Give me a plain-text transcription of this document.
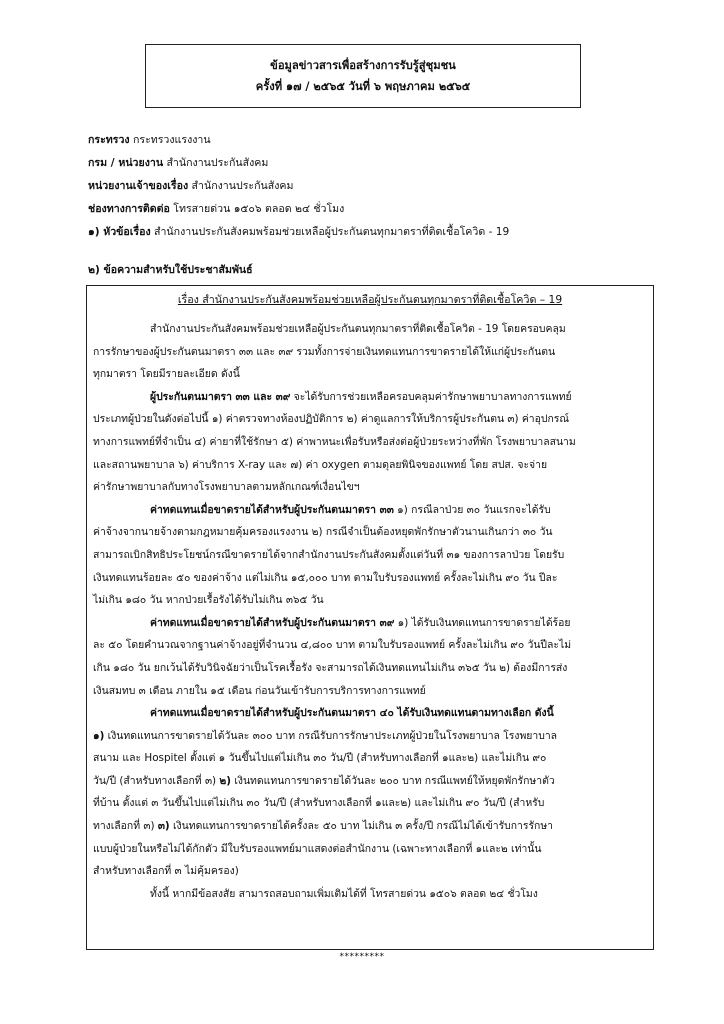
ข้อมูลข่าวสารเพื่อสร้างการรับรู้สู่ชุมชน
ครั้งที่ ๑๗ / ๒๕๖๕ วันที่ ๖ พฤษภาคม ๒๕๖๕
กระทรวง กระทรวงแรงงาน
กรม / หน่วยงาน สำนักงานประกันสังคม
หน่วยงานเจ้าของเรื่อง สำนักงานประกันสังคม
ช่องทางการติดต่อ โทรสายด่วน ๑๕๐๖ ตลอด ๒๔ ชั่วโมง
๑) หัวข้อเรื่อง สำนักงานประกันสังคมพร้อมช่วยเหลือผู้ประกันตนทุกมาตราที่ติดเชื้อโควิด - 19
๒) ข้อความสำหรับใช้ประชาสัมพันธ์
เรื่อง สำนักงานประกันสังคมพร้อมช่วยเหลือผู้ประกันตนทุกมาตราที่ติดเชื้อโควิด – 19
สำนักงานประกันสังคมพร้อมช่วยเหลือผู้ประกันตนทุกมาตราที่ติดเชื้อโควิด - 19 โดยครอบคลุม
การรักษาของผู้ประกันตนมาตรา ๓๓ และ ๓๙ รวมทั้งการจ่ายเงินทดแทนการขาดรายได้ให้แก่ผู้ประกันตน
ทุกมาตรา โดยมีรายละเอียด ดังนี้
ผู้ประกันตนมาตรา ๓๓ และ ๓๙ จะได้รับการช่วยเหลือครอบคลุมค่ารักษาพยาบาลทางการแพทย์
ประเภทผู้ป่วยในดังต่อไปนี้ ๑) ค่าตรวจทางห้องปฏิบัติการ ๒) ค่าดูแลการให้บริการผู้ประกันตน ๓) ค่าอุปกรณ์
ทางการแพทย์ที่จำเป็น ๔) ค่ายาที่ใช้รักษา ๕) ค่าพาหนะเพื่อรับหรือส่งต่อผู้ป่วยระหว่างที่พัก โรงพยาบาลสนาม
และสถานพยาบาล ๖) ค่าบริการ X-ray และ ๗) ค่า oxygen ตามดุลยพินิจของแพทย์ โดย สปส. จะจ่าย
ค่ารักษาพยาบาลกับทางโรงพยาบาลตามหลักเกณฑ์เงื่อนไขฯ
ค่าทดแทนเมื่อขาดรายได้สำหรับผู้ประกันตนมาตรา ๓๓ ๑) กรณีลาป่วย ๓๐ วันแรกจะได้รับ
ค่าจ้างจากนายจ้างตามกฎหมายคุ้มครองแรงงาน ๒) กรณีจำเป็นต้องหยุดพักรักษาตัวนานเกินกว่า ๓๐ วัน
สามารถเบิกสิทธิประโยชน์กรณีขาดรายได้จากสำนักงานประกันสังคมตั้งแต่วันที่ ๓๑ ของการลาป่วย โดยรับ
เงินทดแทนร้อยละ ๕๐ ของค่าจ้าง แต่ไม่เกิน ๑๕,๐๐๐ บาท ตามใบรับรองแพทย์ ครั้งละไม่เกิน ๙๐ วัน ปีละ
ไม่เกิน ๑๘๐ วัน หากป่วยเรื้อรังได้รับไม่เกิน ๓๖๕ วัน
ค่าทดแทนเมื่อขาดรายได้สำหรับผู้ประกันตนมาตรา ๓๙ ๑) ได้รับเงินทดแทนการขาดรายได้ร้อย
ละ ๕๐ โดยคำนวณจากฐานค่าจ้างอยู่ที่จำนวน ๔,๘๐๐ บาท ตามใบรับรองแพทย์ ครั้งละไม่เกิน ๙๐ วันปีละไม่
เกิน ๑๘๐ วัน ยกเว้นได้รับวินิจฉัยว่าเป็นโรคเรื้อรัง จะสามารถได้เงินทดแทนไม่เกิน ๓๖๕ วัน ๒) ต้องมีการส่ง
เงินสมทบ ๓ เดือน ภายใน ๑๕ เดือน ก่อนวันเข้ารับการบริการทางการแพทย์
ค่าทดแทนเมื่อขาดรายได้สำหรับผู้ประกันตนมาตรา ๔๐ ได้รับเงินทดแทนตามทางเลือก ดังนี้
๑) เงินทดแทนการขาดรายได้วันละ ๓๐๐ บาท กรณีรับการรักษาประเภทผู้ป่วยในโรงพยาบาล โรงพยาบาล
สนาม และ Hospitel ตั้งแต่ ๑ วันขึ้นไปแต่ไม่เกิน ๓๐ วัน/ปี (สำหรับทางเลือกที่ ๑และ๒) และไม่เกิน ๙๐
วัน/ปี (สำหรับทางเลือกที่ ๓) ๒) เงินทดแทนการขาดรายได้วันละ ๒๐๐ บาท กรณีแพทย์ให้หยุดพักรักษาตัว
ที่บ้าน ตั้งแต่ ๓ วันขึ้นไปแต่ไม่เกิน ๓๐ วัน/ปี (สำหรับทางเลือกที่ ๑และ๒) และไม่เกิน ๙๐ วัน/ปี (สำหรับ
ทางเลือกที่ ๓) ๓) เงินทดแทนการขาดรายได้ครั้งละ ๕๐ บาท ไม่เกิน ๓ ครั้ง/ปี กรณีไม่ได้เข้ารับการรักษา
แบบผู้ป่วยในหรือไม่ได้กักตัว มีใบรับรองแพทย์มาแสดงต่อสำนักงาน (เฉพาะทางเลือกที่ ๑และ๒ เท่านั้น
สำหรับทางเลือกที่ ๓ ไม่คุ้มครอง)
ทั้งนี้ หากมีข้อสงสัย สามารถสอบถามเพิ่มเติมได้ที่ โทรสายด่วน ๑๕๐๖ ตลอด ๒๔ ชั่วโมง
*********
